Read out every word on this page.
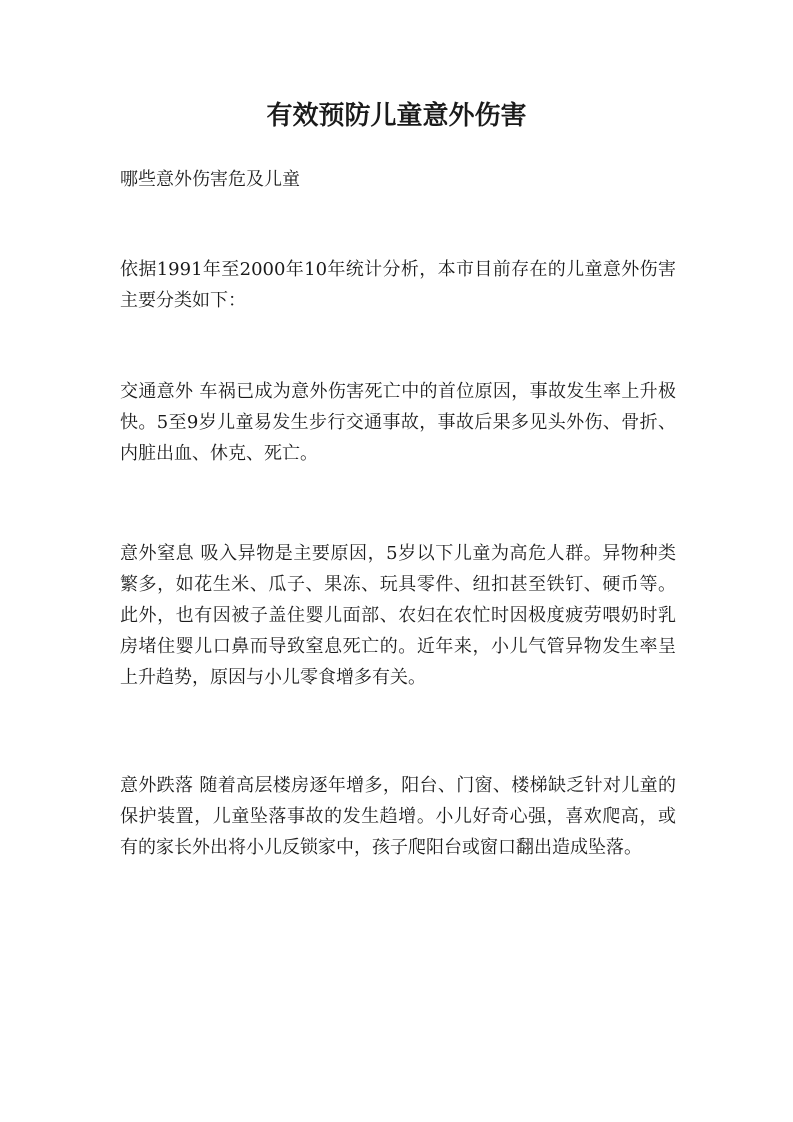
有效预防儿童意外伤害

哪些意外伤害危及儿童

依据1991年至2000年10年统计分析，本市目前存在的儿童意外伤害主要分类如下：

交通意外 车祸已成为意外伤害死亡中的首位原因，事故发生率上升极快。5至9岁儿童易发生步行交通事故，事故后果多见头外伤、骨折、内脏出血、休克、死亡。

意外窒息 吸入异物是主要原因，5岁以下儿童为高危人群。异物种类繁多，如花生米、瓜子、果冻、玩具零件、纽扣甚至铁钉、硬币等。此外，也有因被子盖住婴儿面部、农妇在农忙时因极度疲劳喂奶时乳房堵住婴儿口鼻而导致窒息死亡的。近年来，小儿气管异物发生率呈上升趋势，原因与小儿零食增多有关。

意外跌落 随着高层楼房逐年增多，阳台、门窗、楼梯缺乏针对儿童的保护装置，儿童坠落事故的发生趋增。小儿好奇心强，喜欢爬高，或有的家长外出将小儿反锁家中，孩子爬阳台或窗口翻出造成坠落。
